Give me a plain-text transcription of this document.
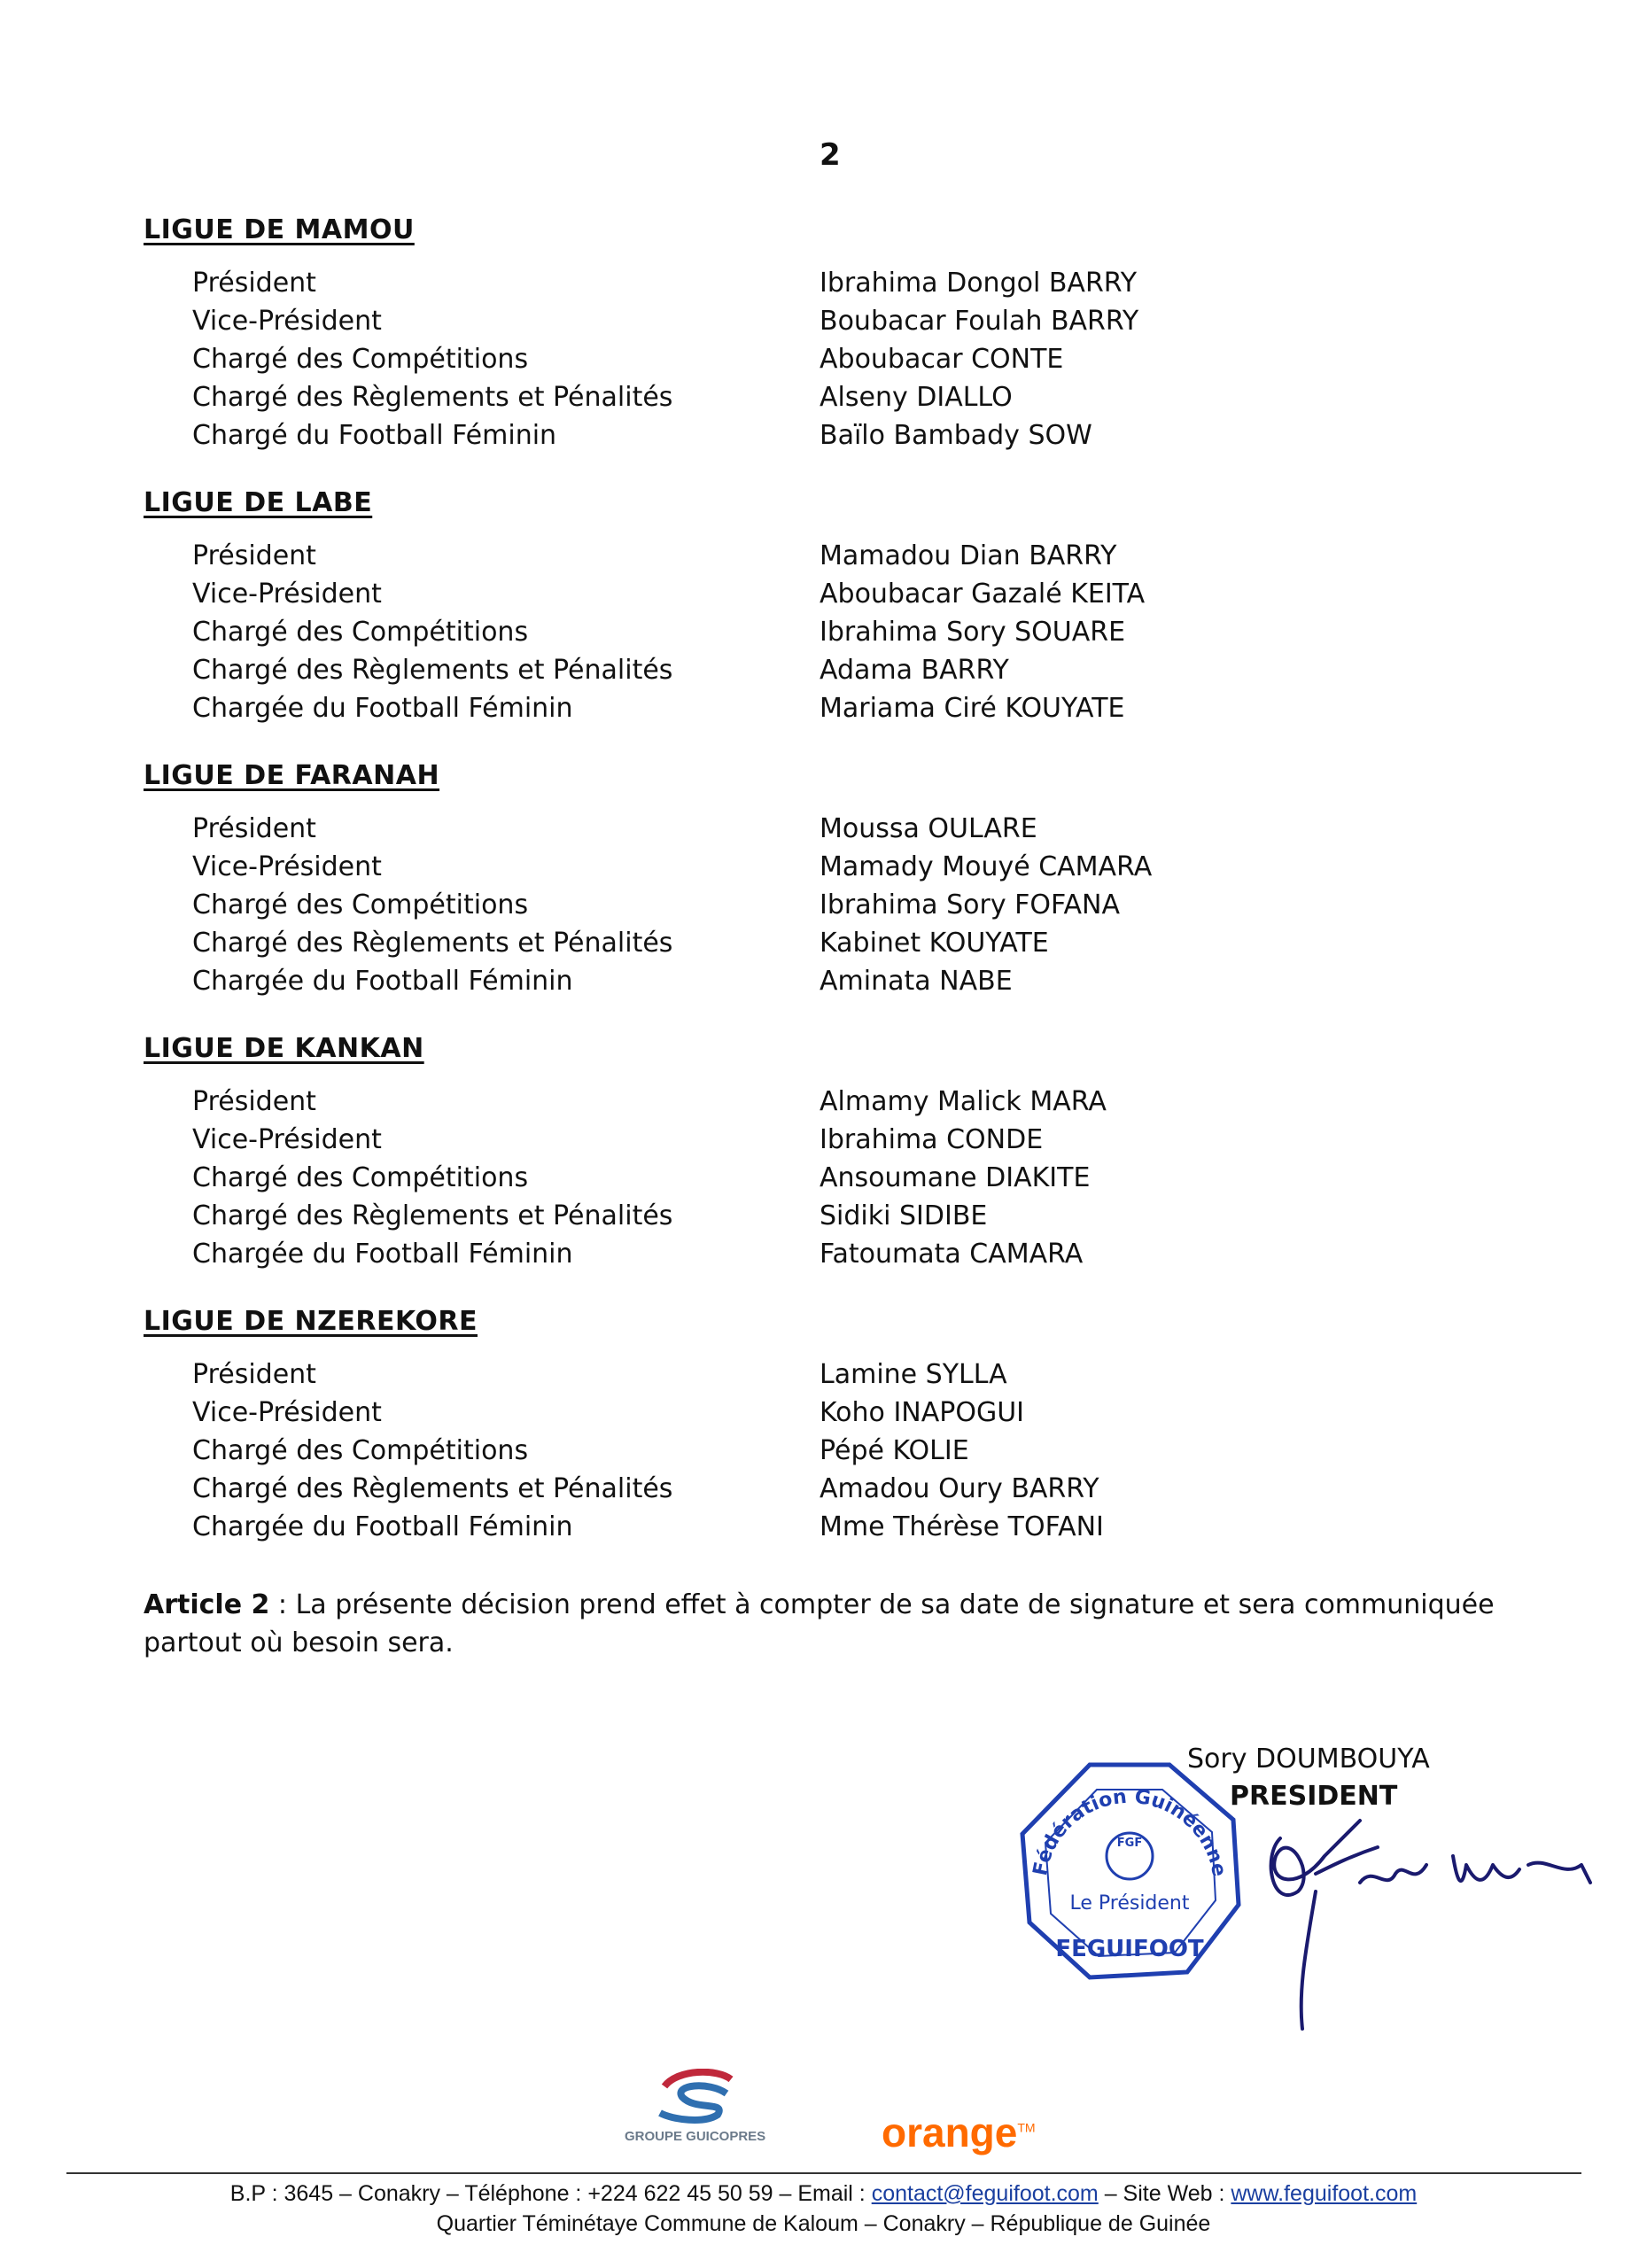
2
LIGUE DE MAMOU
Président	Ibrahima Dongol BARRY
Vice-Président	Boubacar Foulah BARRY
Chargé des Compétitions	Aboubacar CONTE
Chargé des Règlements et Pénalités	Alseny DIALLO
Chargé du Football Féminin	Baïlo Bambady SOW
LIGUE DE LABE
Président	Mamadou Dian BARRY
Vice-Président	Aboubacar Gazalé KEITA
Chargé des Compétitions	Ibrahima Sory SOUARE
Chargé des Règlements et Pénalités	Adama BARRY
Chargée du Football Féminin	Mariama Ciré KOUYATE
LIGUE DE FARANAH
Président	Moussa OULARE
Vice-Président	Mamady Mouyé CAMARA
Chargé des Compétitions	Ibrahima Sory FOFANA
Chargé des Règlements et Pénalités	Kabinet KOUYATE
Chargée du Football Féminin	Aminata NABE
LIGUE DE KANKAN
Président	Almamy Malick MARA
Vice-Président	Ibrahima CONDE
Chargé des Compétitions	Ansoumane DIAKITE
Chargé des Règlements et Pénalités	Sidiki SIDIBE
Chargée du Football Féminin	Fatoumata CAMARA
LIGUE DE NZEREKORE
Président	Lamine SYLLA
Vice-Président	Koho INAPOGUI
Chargé des Compétitions	Pépé KOLIE
Chargé des Règlements et Pénalités	Amadou Oury BARRY
Chargée du Football Féminin	Mme Thérèse TOFANI
Article 2 : La présente décision prend effet à compter de sa date de signature et sera communiquée partout où besoin sera.
Sory DOUMBOUYA
PRESIDENT
Fédération Guinéenne
FGF
Le Président
FEGUIFOOT
GROUPE GUICOPRES	orange™
B.P : 3645 – Conakry – Téléphone : +224 622 45 50 59 – Email : contact@feguifoot.com – Site Web : www.feguifoot.com
Quartier Téminétaye Commune de Kaloum – Conakry – République de Guinée
